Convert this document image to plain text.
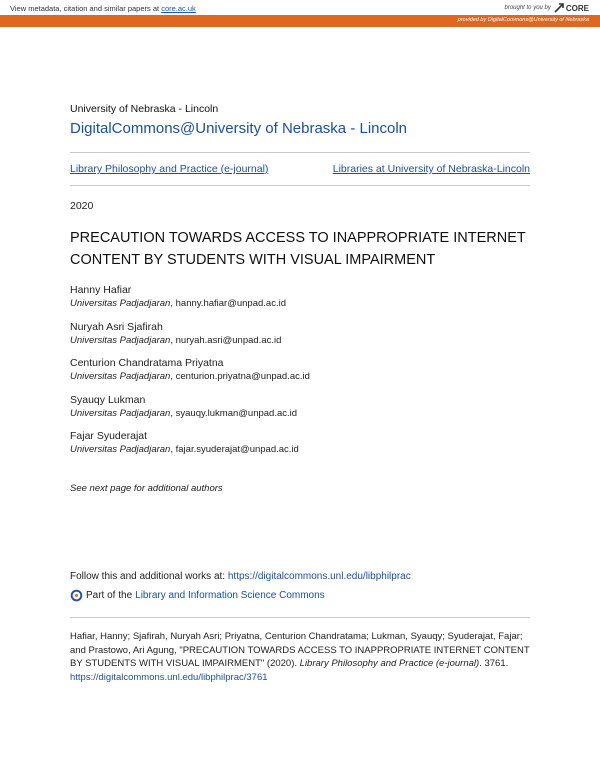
View metadata, citation and similar papers at core.ac.uk	brought to you by CORE
provided by DigitalCommons@University of Nebraska
University of Nebraska - Lincoln
DigitalCommons@University of Nebraska - Lincoln
Library Philosophy and Practice (e-journal)	Libraries at University of Nebraska-Lincoln
2020
PRECAUTION TOWARDS ACCESS TO INAPPROPRIATE INTERNET CONTENT BY STUDENTS WITH VISUAL IMPAIRMENT
Hanny Hafiar
Universitas Padjadjaran, hanny.hafiar@unpad.ac.id
Nuryah Asri Sjafirah
Universitas Padjadjaran, nuryah.asri@unpad.ac.id
Centurion Chandratama Priyatna
Universitas Padjadjaran, centurion.priyatna@unpad.ac.id
Syauqy Lukman
Universitas Padjadjaran, syauqy.lukman@unpad.ac.id
Fajar Syuderajat
Universitas Padjadjaran, fajar.syuderajat@unpad.ac.id
See next page for additional authors
Follow this and additional works at: https://digitalcommons.unl.edu/libphilprac
Part of the Library and Information Science Commons
Hafiar, Hanny; Sjafirah, Nuryah Asri; Priyatna, Centurion Chandratama; Lukman, Syauqy; Syuderajat, Fajar; and Prastowo, Ari Agung, "PRECAUTION TOWARDS ACCESS TO INAPPROPRIATE INTERNET CONTENT BY STUDENTS WITH VISUAL IMPAIRMENT" (2020). Library Philosophy and Practice (e-journal). 3761.
https://digitalcommons.unl.edu/libphilprac/3761
